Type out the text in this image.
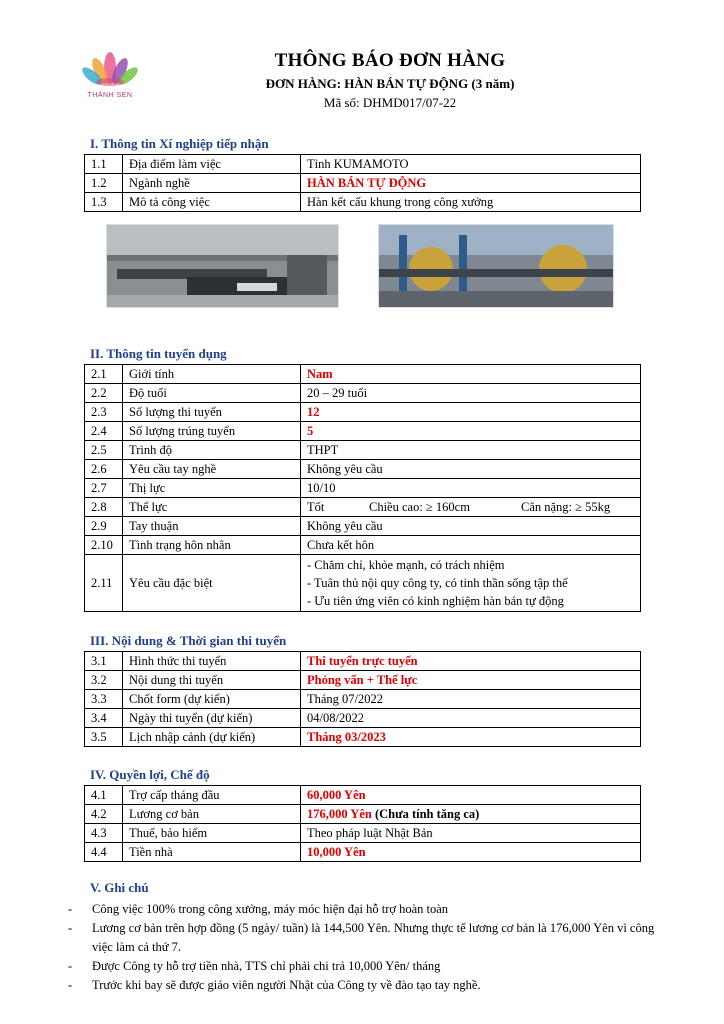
THÀNH SEN
THÔNG BÁO ĐƠN HÀNG
ĐƠN HÀNG: HÀN BÁN TỰ ĐỘNG (3 năm)
Mã số: DHMD017/07-22
I. Thông tin Xí nghiệp tiếp nhận
1.1	Địa điểm làm việc	Tỉnh KUMAMOTO
1.2	Ngành nghề	HÀN BÁN TỰ ĐỘNG
1.3	Mô tả công việc	Hàn kết cấu khung trong công xưởng
II. Thông tin tuyển dụng
2.1	Giới tính	Nam
2.2	Độ tuổi	20 – 29 tuổi
2.3	Số lượng thi tuyển	12
2.4	Số lượng trúng tuyển	5
2.5	Trình độ	THPT
2.6	Yêu cầu tay nghề	Không yêu cầu
2.7	Thị lực	10/10
2.8	Thể lực	Tốt Chiều cao: ≥ 160cm Cân nặng: ≥ 55kg

2.9	Tay thuận	Không yêu cầu
2.10	Tình trạng hôn nhân	Chưa kết hôn
2.11	Yêu cầu đặc biệt	- Chăm chỉ, khỏe mạnh, có trách nhiệm
- Tuân thủ nội quy công ty, có tinh thần sống tập thể
- Ưu tiên ứng viên có kinh nghiệm hàn bán tự động
III. Nội dung & Thời gian thi tuyển
3.1	Hình thức thi tuyển	Thi tuyển trực tuyến
3.2	Nội dung thi tuyển	Phỏng vấn + Thể lực
3.3	Chốt form (dự kiến)	Tháng 07/2022
3.4	Ngày thi tuyển (dự kiến)	04/08/2022
3.5	Lịch nhập cảnh (dự kiến)	Tháng 03/2023
IV. Quyền lợi, Chế độ
4.1	Trợ cấp tháng đầu	60,000 Yên
4.2	Lương cơ bản	176,000 Yên (Chưa tính tăng ca)
4.3	Thuế, bảo hiểm	Theo pháp luật Nhật Bản
4.4	Tiền nhà	10,000 Yên
V. Ghi chú
-	Công việc 100% trong công xưởng, máy móc hiện đại hỗ trợ hoàn toàn
-	Lương cơ bản trên hợp đồng (5 ngày/ tuần) là 144,500 Yên. Nhưng thực tế lương cơ bản là 176,000 Yên vì công việc làm cả thứ 7.
-	Được Công ty hỗ trợ tiền nhà, TTS chỉ phải chi trả 10,000 Yên/ tháng
-	Trước khi bay sẽ được giáo viên người Nhật của Công ty về đào tạo tay nghề.
